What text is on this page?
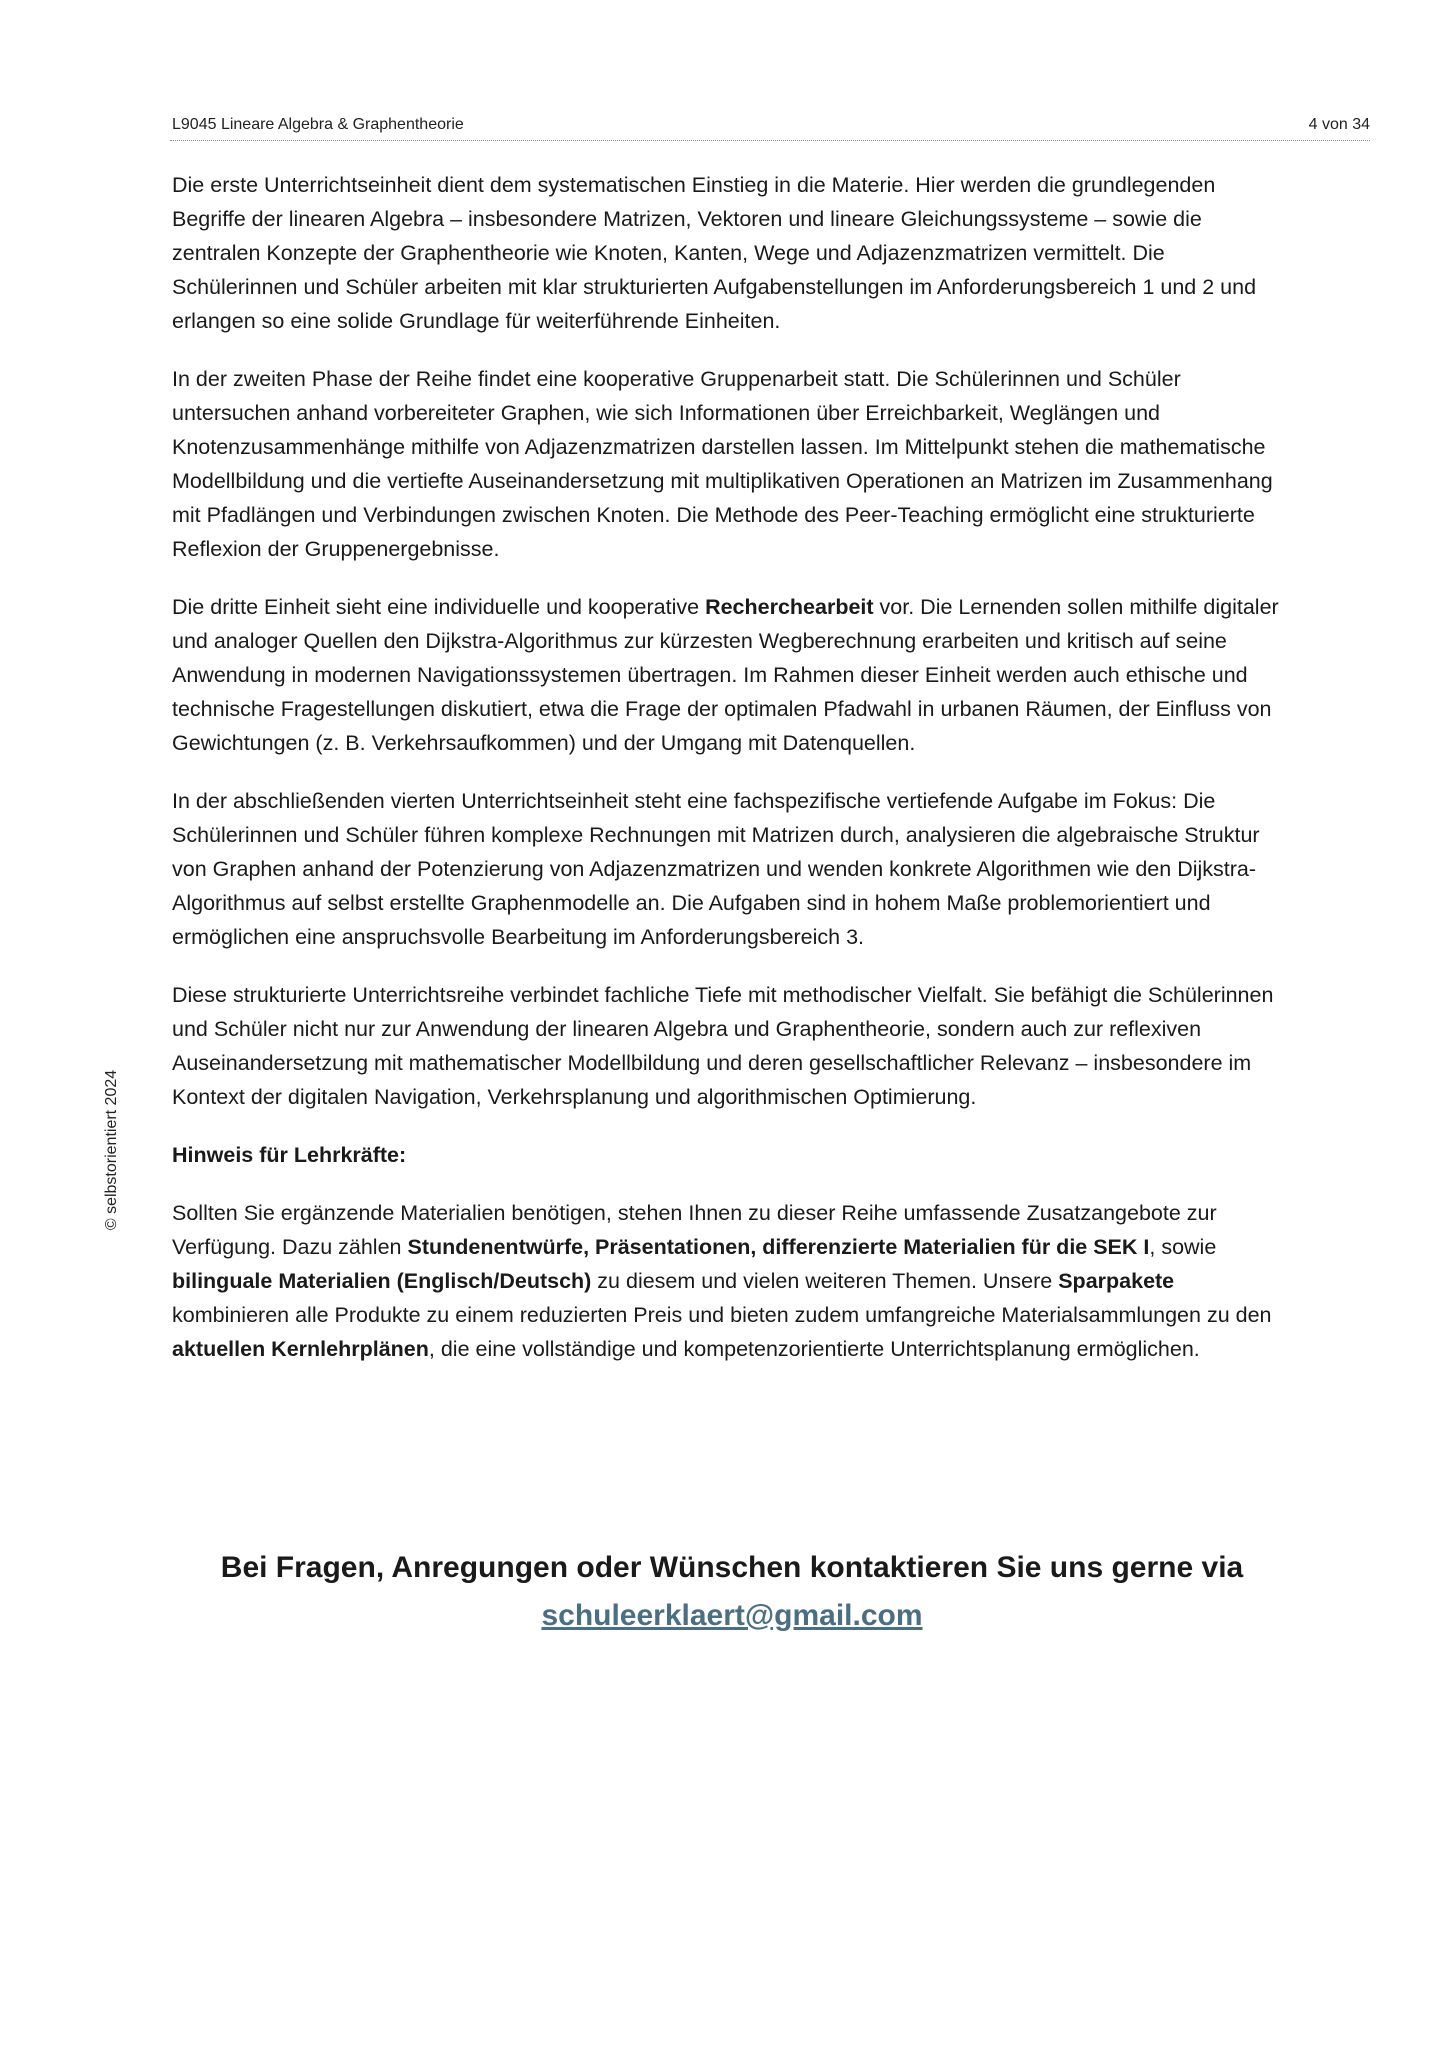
L9045 Lineare Algebra & Graphentheorie	4 von 34
© selbstorientiert 2024

Die erste Unterrichtseinheit dient dem systematischen Einstieg in die Materie. Hier werden die grundlegenden Begriffe der linearen Algebra – insbesondere Matrizen, Vektoren und lineare Gleichungssysteme – sowie die zentralen Konzepte der Graphentheorie wie Knoten, Kanten, Wege und Adjazenzmatrizen vermittelt. Die Schülerinnen und Schüler arbeiten mit klar strukturierten Aufgabenstellungen im Anforderungsbereich 1 und 2 und erlangen so eine solide Grundlage für weiterführende Einheiten.

In der zweiten Phase der Reihe findet eine kooperative Gruppenarbeit statt. Die Schülerinnen und Schüler untersuchen anhand vorbereiteter Graphen, wie sich Informationen über Erreichbarkeit, Weglängen und Knotenzusammenhänge mithilfe von Adjazenzmatrizen darstellen lassen. Im Mittelpunkt stehen die mathematische Modellbildung und die vertiefte Auseinandersetzung mit multiplikativen Operationen an Matrizen im Zusammenhang mit Pfadlängen und Verbindungen zwischen Knoten. Die Methode des Peer-Teaching ermöglicht eine strukturierte Reflexion der Gruppenergebnisse.

Die dritte Einheit sieht eine individuelle und kooperative Recherchearbeit vor. Die Lernenden sollen mithilfe digitaler und analoger Quellen den Dijkstra-Algorithmus zur kürzesten Wegberechnung erarbeiten und kritisch auf seine Anwendung in modernen Navigationssystemen übertragen. Im Rahmen dieser Einheit werden auch ethische und technische Fragestellungen diskutiert, etwa die Frage der optimalen Pfadwahl in urbanen Räumen, der Einfluss von Gewichtungen (z. B. Verkehrsaufkommen) und der Umgang mit Datenquellen.

In der abschließenden vierten Unterrichtseinheit steht eine fachspezifische vertiefende Aufgabe im Fokus: Die Schülerinnen und Schüler führen komplexe Rechnungen mit Matrizen durch, analysieren die algebraische Struktur von Graphen anhand der Potenzierung von Adjazenzmatrizen und wenden konkrete Algorithmen wie den Dijkstra-Algorithmus auf selbst erstellte Graphenmodelle an. Die Aufgaben sind in hohem Maße problemorientiert und ermöglichen eine anspruchsvolle Bearbeitung im Anforderungsbereich 3.

Diese strukturierte Unterrichtsreihe verbindet fachliche Tiefe mit methodischer Vielfalt. Sie befähigt die Schülerinnen und Schüler nicht nur zur Anwendung der linearen Algebra und Graphentheorie, sondern auch zur reflexiven Auseinandersetzung mit mathematischer Modellbildung und deren gesellschaftlicher Relevanz – insbesondere im Kontext der digitalen Navigation, Verkehrsplanung und algorithmischen Optimierung.

Hinweis für Lehrkräfte:

Sollten Sie ergänzende Materialien benötigen, stehen Ihnen zu dieser Reihe umfassende Zusatzangebote zur Verfügung. Dazu zählen Stundenentwürfe, Präsentationen, differenzierte Materialien für die SEK I, sowie bilinguale Materialien (Englisch/Deutsch) zu diesem und vielen weiteren Themen. Unsere Sparpakete kombinieren alle Produkte zu einem reduzierten Preis und bieten zudem umfangreiche Materialsammlungen zu den aktuellen Kernlehrplänen, die eine vollständige und kompetenzorientierte Unterrichtsplanung ermöglichen.

Bei Fragen, Anregungen oder Wünschen kontaktieren Sie uns gerne via
schuleerklaert@gmail.com
